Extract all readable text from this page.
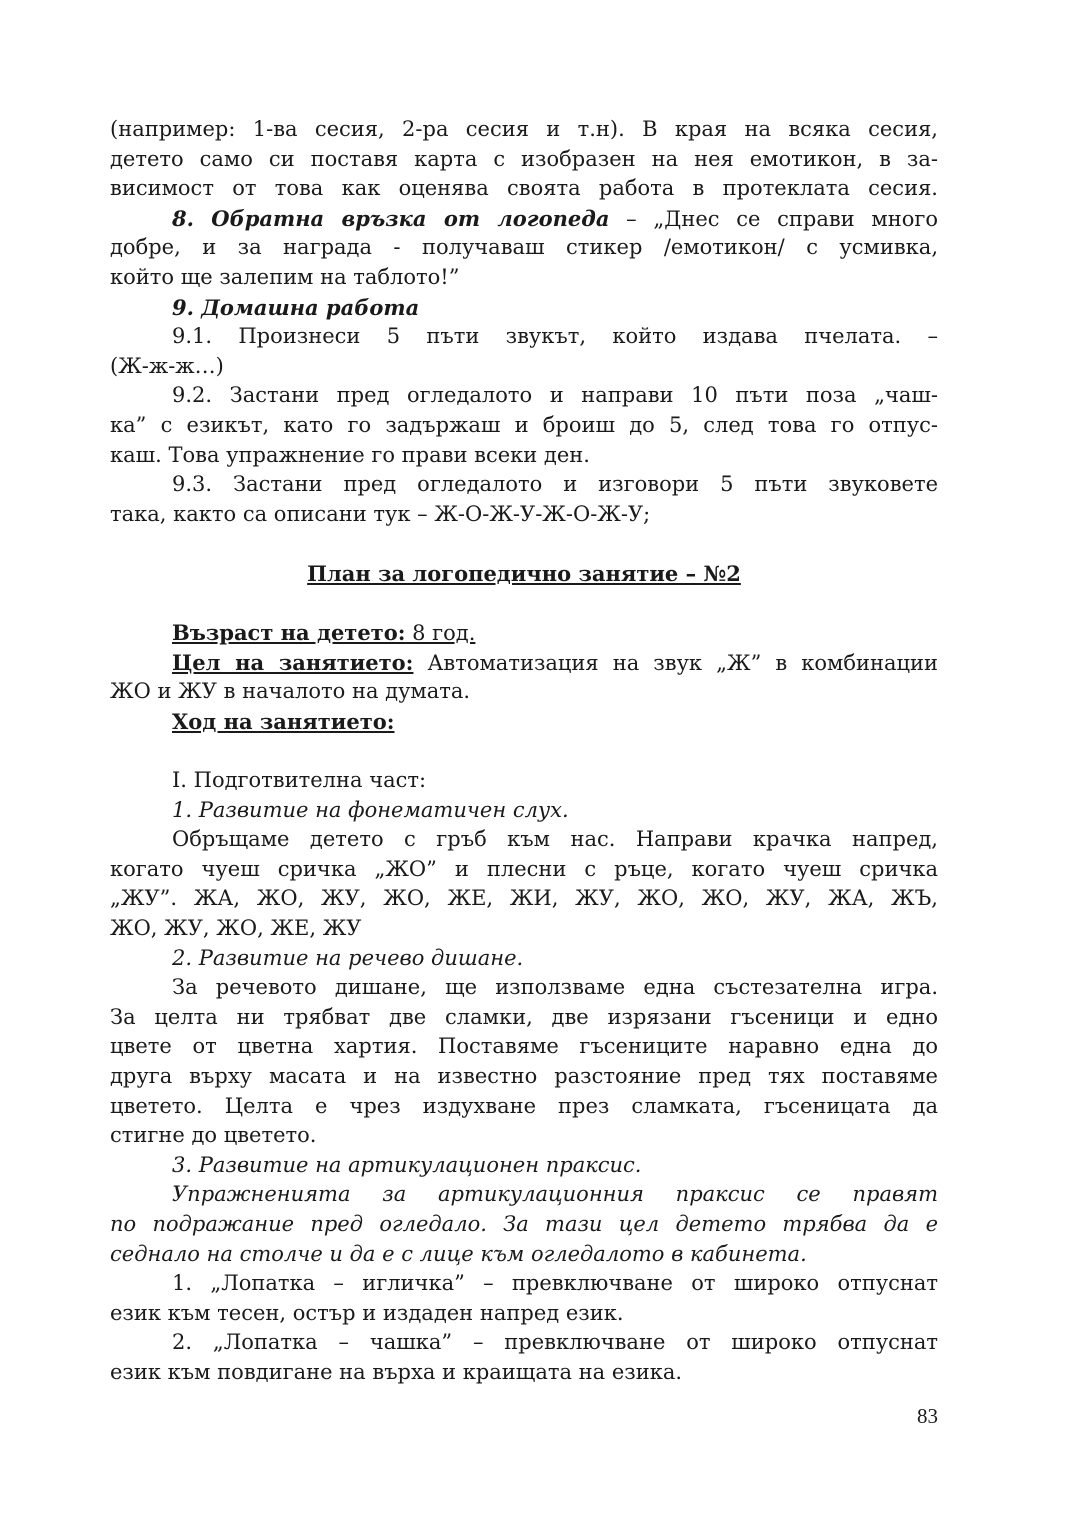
(например: 1-ва сесия, 2-ра сесия и т.н). В края на всяка сесия,
детето само си поставя карта с изобразен на нея емотикон, в за-
висимост от това как оценява своята работа в протеклата сесия.
8. Обратна връзка от логопеда – „Днес се справи много
добре, и за награда - получаваш стикер /емотикон/ с усмивка,
който ще залепим на таблото!”
9. Домашна работа
9.1. Произнеси 5 пъти звукът, който издава пчелата. –
(Ж-ж-ж…)
9.2. Застани пред огледалото и направи 10 пъти поза „чаш-
ка” с езикът, като го задържаш и броиш до 5, след това го отпус-
каш. Това упражнение го прави всеки ден.
9.3. Застани пред огледалото и изговори 5 пъти звуковете
така, както са описани тук – Ж-О-Ж-У-Ж-О-Ж-У;
План за логопедично занятие – №2
Възраст на детето: 8 год.
Цел на занятието: Автоматизация на звук „Ж” в комбинации
ЖО и ЖУ в началото на думата.
Ход на занятието:
I. Подготвителна част:
1. Развитие на фонематичен слух.
Обръщаме детето с гръб към нас. Направи крачка напред,
когато чуеш сричка „ЖО” и плесни с ръце, когато чуеш сричка
„ЖУ”. ЖА, ЖО, ЖУ, ЖО, ЖЕ, ЖИ, ЖУ, ЖО, ЖО, ЖУ, ЖА, ЖЪ,
ЖО, ЖУ, ЖО, ЖЕ, ЖУ
2. Развитие на речево дишане.
За речевото дишане, ще използваме една състезателна игра.
За целта ни трябват две сламки, две изрязани гъсеници и едно
цвете от цветна хартия. Поставяме гъсениците наравно една до
друга върху масата и на известно разстояние пред тях поставяме
цветето. Целта е чрез издухване през сламката, гъсеницата да
стигне до цветето.
3. Развитие на артикулационен праксис.
Упражненията за артикулационния праксис се правят
по подражание пред огледало. За тази цел детето трябва да е
седнало на столче и да е с лице към огледалото в кабинета.
1. „Лопатка – игличка” – превключване от широко отпуснат
език към тесен, остър и издаден напред език.
2. „Лопатка – чашка” – превключване от широко отпуснат
език към повдигане на върха и краищата на езика.
83
